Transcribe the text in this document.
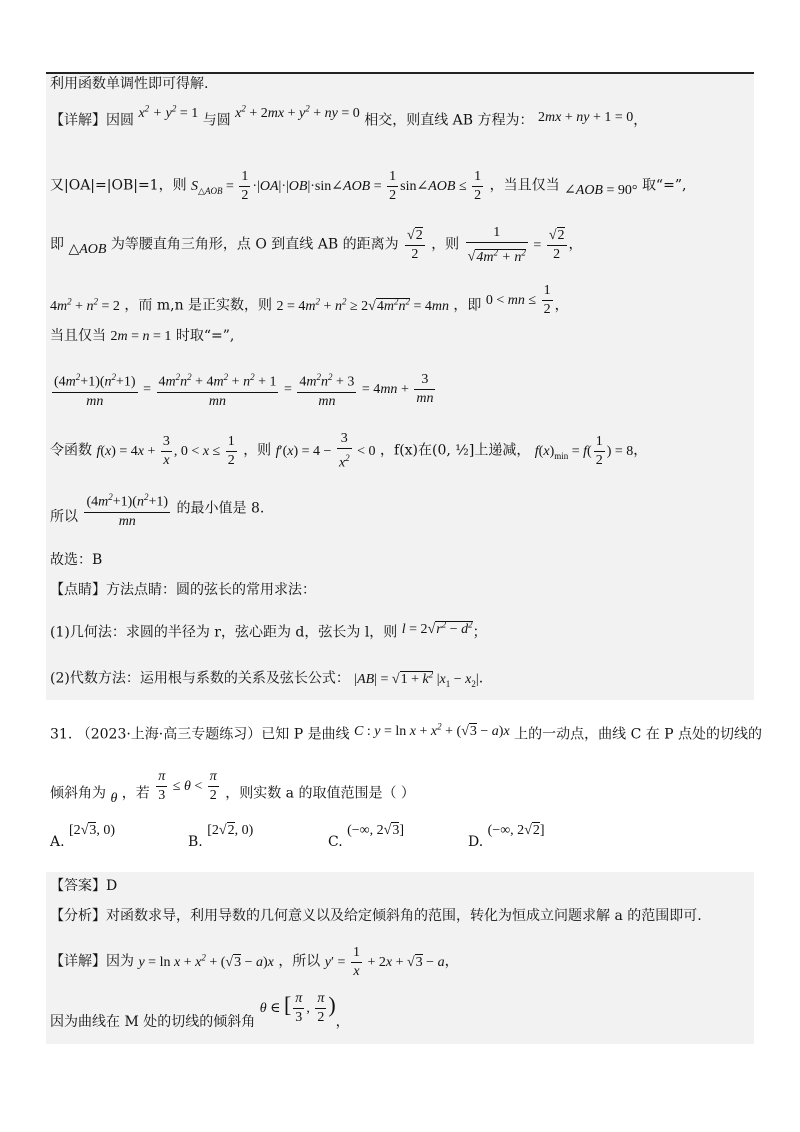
利用函数单调性即可得解.
【详解】因圆 $x^2 + y^2 = 1$ 与圆 $x^2 + 2mx + y^2$ + ny = 0 相交，则直线 AB 方程为： 2mx + ny + 1 = 0，
又|OA|=|OB|=1，则 $S_{\triangle AOB} = \frac{1}{2}$ ·|OA|·|OB|·sin∠AOB = $\frac{1}{2}$ sin∠AOB ≤ $\frac{1}{2}$ ，当且仅当 ∠AOB = 90° 取“=”,
即 △AOB 为等腰直角三角形，点 O 到直线 AB 的距离为 $\frac{√2}{2}$ ，则 $\frac{1}{√4m^2 + n^2} = \frac{√2}{2}$ ，
$4m^2 + n^2 = 2$ ，而 m,n 是正实数，则 $2 = 4m^2 + n^2 \ge 2√4m^2n^2 = 4mn$ ，即 0 < mn ≤ $\frac{1}{2}$ ，
当且仅当 2m = n = 1 时取“=”,
$\frac{(4m^2+1)(n^2+1)}{mn} = \frac{4m^2n^2 + 4m^2 + n^2 + 1}{mn} = \frac{4m^2n^2 + 3}{mn} = 4mn + \frac{3}{mn}$
令函数 $f(x) = 4x + \frac{3}{x}$ , $0 < x \le \frac{1}{2}$ ，则 $f'(x) = 4 - \frac{3}{x^2} < 0$ ，f(x)在(0, ½]上递减， $f(x)_{min} = f( \frac{1}{2}$ ) = 8，
所以 $\frac{(4m^2+1)(n^2+1)}{mn}$ 的最小值是 8.
故选：B
【点睛】方法点睛：圆的弦长的常用求法：
(1)几何法：求圆的半径为 r，弦心距为 d，弦长为 l，则 $l = 2√r^2 - d^2$；
(2)代数方法：运用根与系数的关系及弦长公式： $|AB| = √1 + k^2$ $|x_1 - x_2|$.
31. （2023·上海·高三专题练习）已知 P 是曲线 C : $y = \ln x + x^2 + (√3 - a)x$ 上的一动点，曲线 C 在 P 点处的切线的
倾斜角为 θ ，若 $\frac{\pi}{3} \le \theta < \frac{\pi}{2}$ ，则实数 a 的取值范围是（ ）
A. [2√3, 0)
B. [2√2, 0)
C. (−∞, 2√3]
D. (−∞, 2√2]
【答案】D
【分析】对函数求导，利用导数的几何意义以及给定倾斜角的范围，转化为恒成立问题求解 a 的范围即可.
【详解】因为 $y = \ln x + x^2 + (√3 - a)x$ ，所以 $y' = \frac{1}{x} + 2x + √3 - a$，
因为曲线在 M 处的切线的倾斜角 θ ∈ [ $\frac{\pi}{3}$ , $\frac{\pi}{2}$ )，
